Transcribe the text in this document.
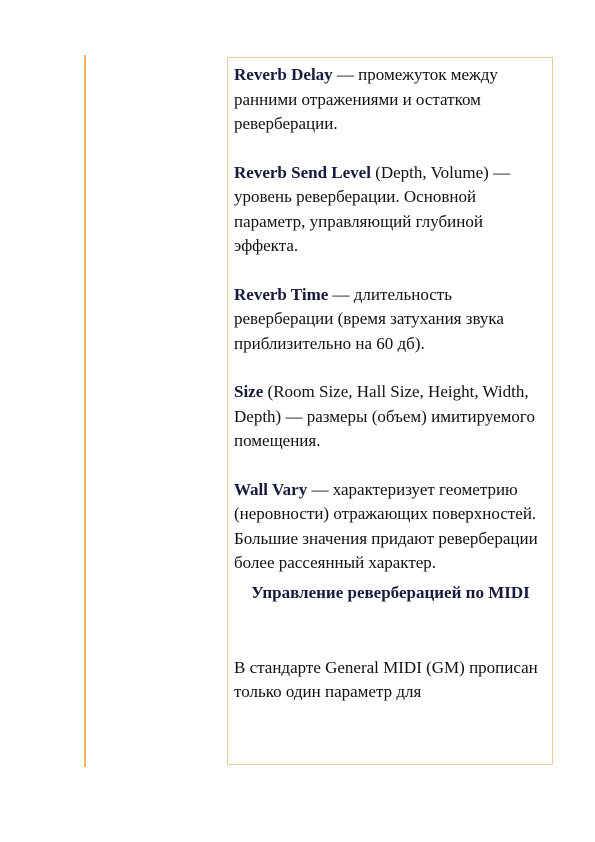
Reverb Delay — промежуток между ранними отражениями и остатком реверберации.

Reverb Send Level (Depth, Volume) — уровень реверберации. Основной параметр, управляющий глубиной эффекта.

Reverb Time — длительность реверберации (время затухания звука приблизительно на 60 дб).

Size (Room Size, Hall Size, Height, Width, Depth) — размеры (объем) имитируемого помещения.

Wall Vary — характеризует геометрию (неровности) отражающих поверхностей. Большие значения придают реверберации более рассеянный характер.

Управление реверберацией по MIDI

В стандарте General MIDI (GM) прописан только один параметр для
